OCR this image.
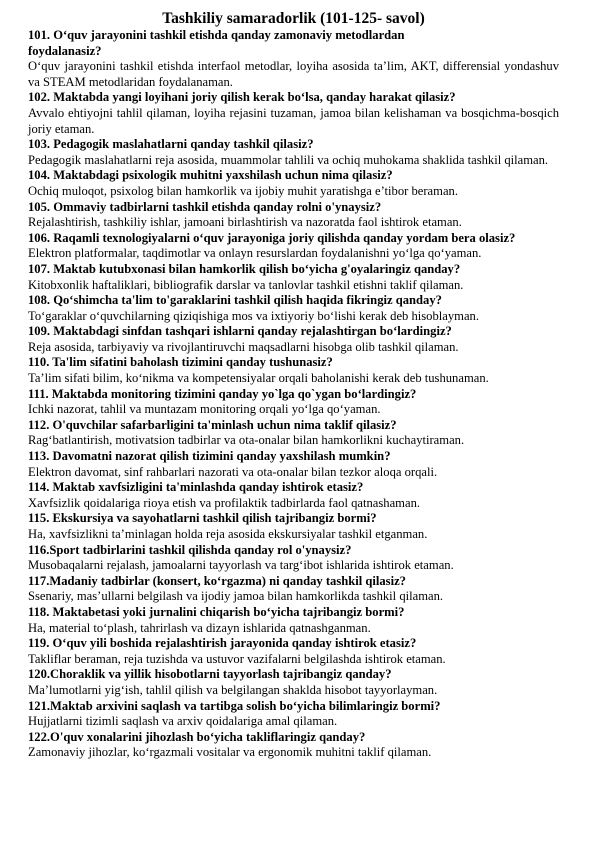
Tashkiliy samaradorlik (101-125- savol)

101. O‘quv jarayonini tashkil etishda qanday zamonaviy metodlardan foydalanasiz?

O‘quv jarayonini tashkil etishda interfaol metodlar, loyiha asosida ta’lim, AKT, differensial yondashuv va STEAM metodlaridan foydalanaman.

102. Maktabda yangi loyihani joriy qilish kerak bo‘lsa, qanday harakat qilasiz?

Avvalo ehtiyojni tahlil qilaman, loyiha rejasini tuzaman, jamoa bilan kelishaman va bosqichma-bosqich joriy etaman.

103. Pedagogik maslahatlarni qanday tashkil qilasiz?

Pedagogik maslahatlarni reja asosida, muammolar tahlili va ochiq muhokama shaklida tashkil qilaman.

104. Maktabdagi psixologik muhitni yaxshilash uchun nima qilasiz?

Ochiq muloqot, psixolog bilan hamkorlik va ijobiy muhit yaratishga e’tibor beraman.

105. Ommaviy tadbirlarni tashkil etishda qanday rolni o'ynaysiz?

Rejalashtirish, tashkiliy ishlar, jamoani birlashtirish va nazoratda faol ishtirok etaman.

106. Raqamli texnologiyalarni o‘quv jarayoniga joriy qilishda qanday yordam bera olasiz?

Elektron platformalar, taqdimotlar va onlayn resurslardan foydalanishni yo‘lga qo‘yaman.

107. Maktab kutubxonasi bilan hamkorlik qilish bo‘yicha g'oyalaringiz qanday?

Kitobxonlik haftaliklari, bibliografik darslar va tanlovlar tashkil etishni taklif qilaman.

108. Qo‘shimcha ta'lim to'garaklarini tashkil qilish haqida fikringiz qanday?

To‘garaklar o‘quvchilarning qiziqishiga mos va ixtiyoriy bo‘lishi kerak deb hisoblayman.

109. Maktabdagi sinfdan tashqari ishlarni qanday rejalashtirgan bo‘lardingiz?

Reja asosida, tarbiyaviy va rivojlantiruvchi maqsadlarni hisobga olib tashkil qilaman.

110. Ta'lim sifatini baholash tizimini qanday tushunasiz?

Ta’lim sifati bilim, ko‘nikma va kompetensiyalar orqali baholanishi kerak deb tushunaman.

111. Maktabda monitoring tizimini qanday yo`lga qo`ygan bo‘lardingiz?

Ichki nazorat, tahlil va muntazam monitoring orqali yo‘lga qo‘yaman.

112. O'quvchilar safarbarligini ta'minlash uchun nima taklif qilasiz?

Rag‘batlantirish, motivatsion tadbirlar va ota-onalar bilan hamkorlikni kuchaytiraman.

113. Davomatni nazorat qilish tizimini qanday yaxshilash mumkin?

Elektron davomat, sinf rahbarlari nazorati va ota-onalar bilan tezkor aloqa orqali.

114. Maktab xavfsizligini ta'minlashda qanday ishtirok etasiz?

Xavfsizlik qoidalariga rioya etish va profilaktik tadbirlarda faol qatnashaman.

115. Ekskursiya va sayohatlarni tashkil qilish tajribangiz bormi?

Ha, xavfsizlikni ta’minlagan holda reja asosida ekskursiyalar tashkil etganman.

116.Sport tadbirlarini tashkil qilishda qanday rol o'ynaysiz?

Musobaqalarni rejalash, jamoalarni tayyorlash va targ‘ibot ishlarida ishtirok etaman.

117.Madaniy tadbirlar (konsert, ko‘rgazma) ni qanday tashkil qilasiz?

Ssenariy, mas’ullarni belgilash va ijodiy jamoa bilan hamkorlikda tashkil qilaman.

118. Maktabetasi yoki jurnalini chiqarish bo‘yicha tajribangiz bormi?

Ha, material to‘plash, tahrirlash va dizayn ishlarida qatnashganman.

119. O‘quv yili boshida rejalashtirish jarayonida qanday ishtirok etasiz?

Takliflar beraman, reja tuzishda va ustuvor vazifalarni belgilashda ishtirok etaman.

120.Choraklik va yillik hisobotlarni tayyorlash tajribangiz qanday?

Ma’lumotlarni yig‘ish, tahlil qilish va belgilangan shaklda hisobot tayyorlayman.

121.Maktab arxivini saqlash va tartibga solish bo‘yicha bilimlaringiz bormi?

Hujjatlarni tizimli saqlash va arxiv qoidalariga amal qilaman.

122.O'quv xonalarini jihozlash bo‘yicha takliflaringiz qanday?

Zamonaviy jihozlar, ko‘rgazmali vositalar va ergonomik muhitni taklif qilaman.
